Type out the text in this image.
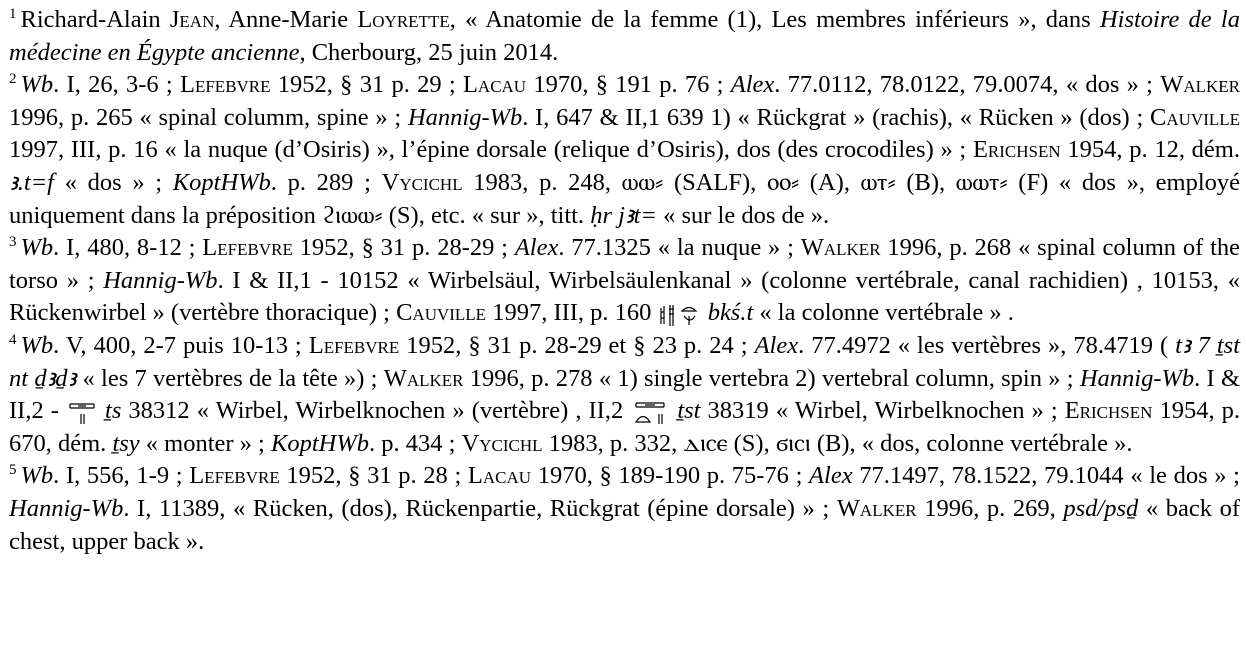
$^1$ Richard-Alain Jean, Anne-Marie Loyrette, « Anatomie de la femme (1), Les membres inférieurs », dans Histoire de la médecine en Égypte ancienne, Cherbourg, 25 juin 2014.

$^2$ Wb. I, 26, 3-6 ; Lefebvre 1952, § 31 p. 29 ; Lacau 1970, § 191 p. 76 ; Alex. 77.0112, 78.0122, 79.0074, « dos » ; Walker 1996, p. 265 « spinal columm, spine » ; Hannig-Wb. I, 647 & II,1 639 1) « Rückgrat » (rachis), « Rücken » (dos) ; Cauville 1997, III, p. 16 « la nuque (d’Osiris) », l’épine dorsale (relique d’Osiris), dos (des crocodiles) » ; Erichsen 1954, p. 12, dém. ꜣ.t=f « dos » ; KoptHWb. p. 289 ; Vycichl 1983, p. 248, ⲱⲱ⸗ (SALF), ⲟⲟ⸗ (A), ⲱⲧ⸗ (B), ⲱⲱⲧ⸗ (F) « dos », employé uniquement dans la préposition ϩⲓⲱⲱ⸗ (S), etc. « sur », titt. ḥr jꜣt= « sur le dos de ».

$^3$ Wb. I, 480, 8-12 ; Lefebvre 1952, § 31 p. 28-29 ; Alex. 77.1325 « la nuque » ; Walker 1996, p. 268 « spinal column of the torso » ; Hannig-Wb. I & II,1 - 10152 « Wirbelsäul, Wirbelsäulenkanal » (colonne vertébrale, canal rachidien) , 10153, « Rückenwirbel » (vertèbre thoracique) ; Cauville 1997, III, p. 160
bkś.t « la colonne vertébrale » .

$^4$ Wb. V, 400, 2-7 puis 10-13 ; Lefebvre 1952, § 31 p. 28-29 et § 23 p. 24 ; Alex. 77.4972 « les vertèbres », 78.4719 ( tꜣ 7 ṯst nt ḏꜣḏꜣ « les 7 vertèbres de la tête ») ; Walker 1996, p. 278 « 1) single vertebra 2) vertebral column, spin » ; Hannig-Wb. I & II,2 -
ṯs 38312 « Wirbel, Wirbelknochen » (vertèbre) , II,2
ṯst 38319 « Wirbel, Wirbelknochen » ; Erichsen 1954, p. 670, dém. ṯsy « monter » ; KoptHWb. p. 434 ; Vycichl 1983, p. 332, ⲇⲓⲥⲉ (S), ϭⲓⲥⲓ (B), « dos, colonne vertébrale ».

$^5$ Wb. I, 556, 1-9 ; Lefebvre 1952, § 31 p. 28 ; Lacau 1970, § 189-190 p. 75-76 ; Alex 77.1497, 78.1522, 79.1044 « le dos » ; Hannig-Wb. I, 11389, « Rücken, (dos), Rückenpartie, Rückgrat (épine dorsale) » ; Walker 1996, p. 269, psd/psḏ « back of chest, upper back ».
